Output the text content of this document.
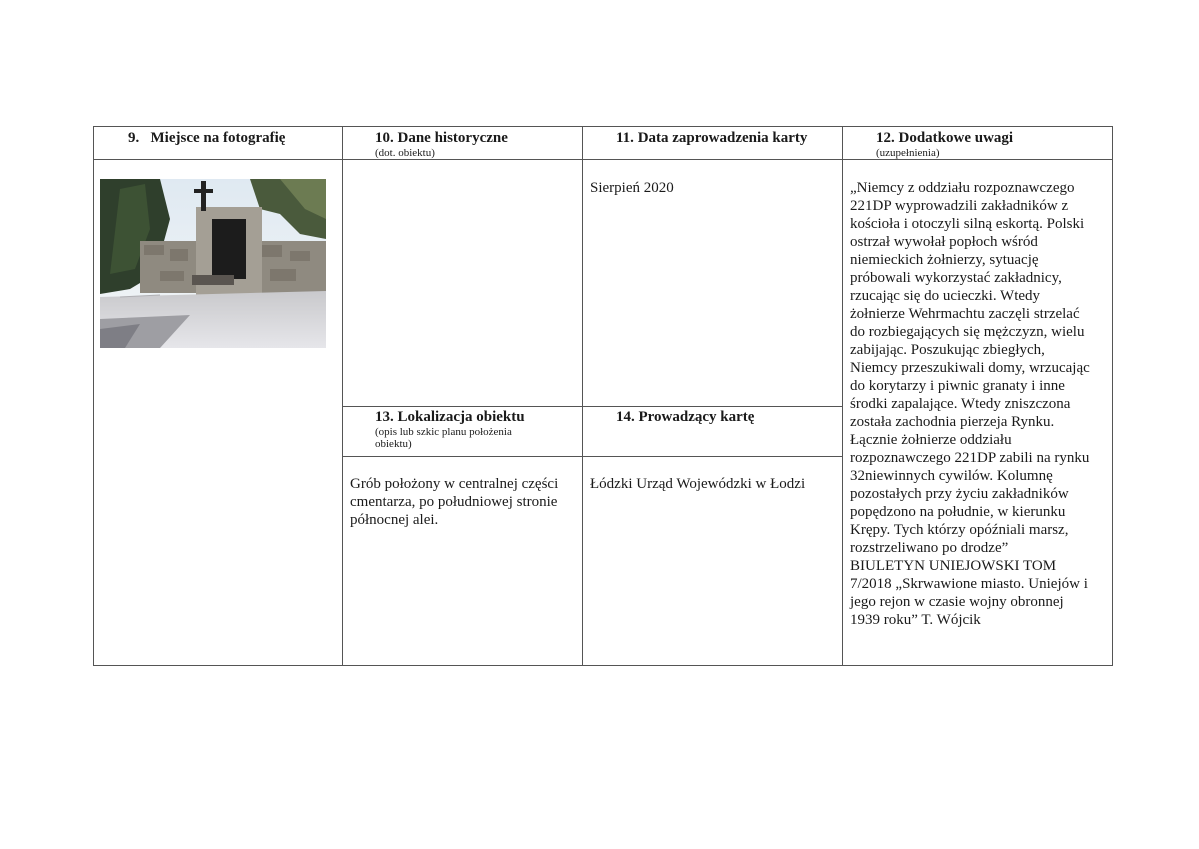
9. Miejsce na fotografię	10. Dane historyczne
(dot. obiektu)
11. Data zaprowadzenia karty	12. Dodatkowe uwagi
(uzupełnienia)
Sierpień 2020
13. Lokalizacja obiektu
(opis lub szkic planu położenia
obiektu)
14. Prowadzący kartę
Grób położony w centralnej części
cmentarza, po południowej stronie
północnej alei.
Łódzki Urząd Wojewódzki w Łodzi
„Niemcy z oddziału rozpoznawczego
221DP wyprowadzili zakładników z
kościoła i otoczyli silną eskortą. Polski
ostrzał wywołał popłoch wśród
niemieckich żołnierzy, sytuację
próbowali wykorzystać zakładnicy,
rzucając się do ucieczki. Wtedy
żołnierze Wehrmachtu zaczęli strzelać
do rozbiegających się mężczyzn, wielu
zabijając. Poszukując zbiegłych,
Niemcy przeszukiwali domy, wrzucając
do korytarzy i piwnic granaty i inne
środki zapalające. Wtedy zniszczona
została zachodnia pierzeja Rynku.
Łącznie żołnierze oddziału
rozpoznawczego 221DP zabili na rynku
32niewinnych cywilów. Kolumnę
pozostałych przy życiu zakładników
popędzono na południe, w kierunku
Krępy. Tych którzy opóźniali marsz,
rozstrzeliwano po drodze”
BIULETYN UNIEJOWSKI TOM
7/2018 „Skrwawione miasto. Uniejów i
jego rejon w czasie wojny obronnej
1939 roku” T. Wójcik
